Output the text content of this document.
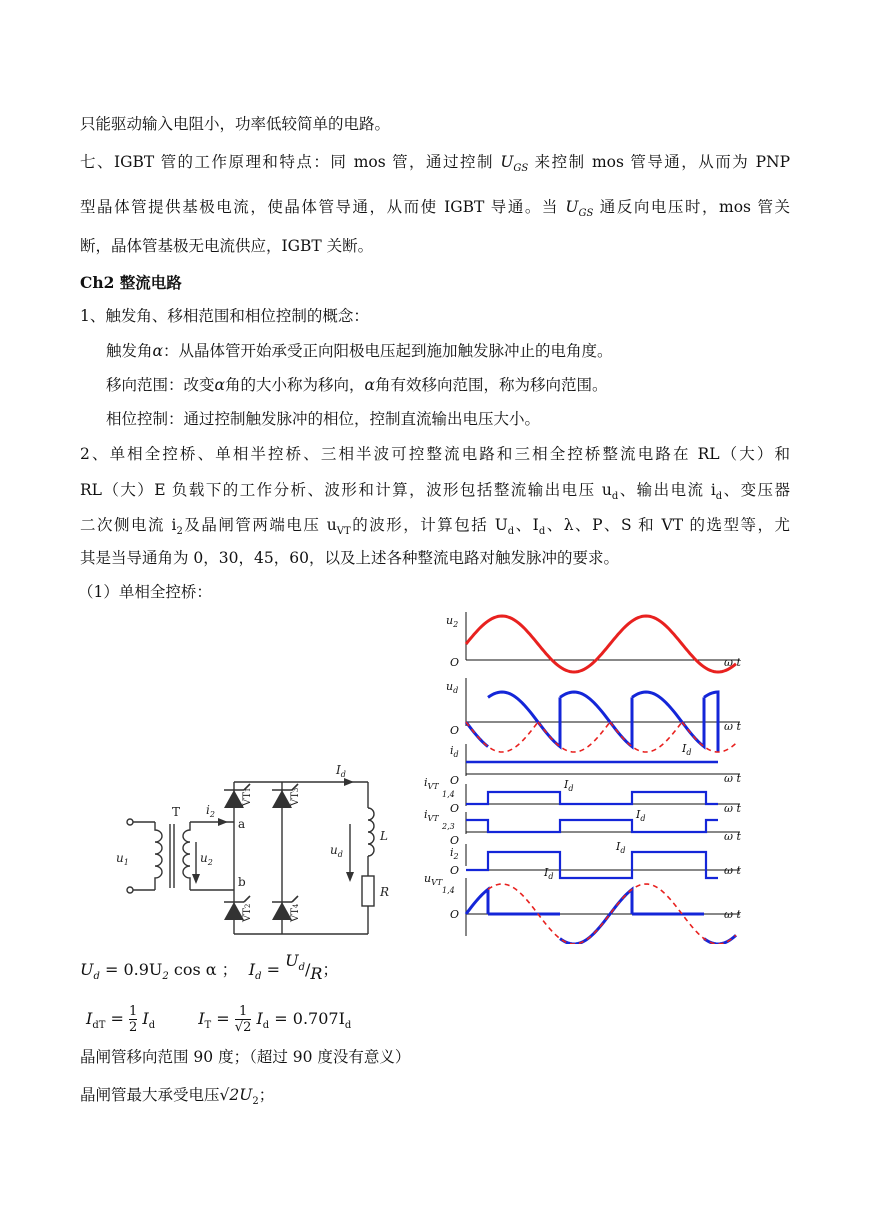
只能驱动输入电阻小，功率低较简单的电路。
七、IGBT 管的工作原理和特点：同 mos 管，通过控制 $U_{GS}$ 来控制 mos 管导通，从而为 PNP
型晶体管提供基极电流，使晶体管导通，从而使 IGBT 导通。当 $U_{GS}$ 通反向电压时，mos 管关
断，晶体管基极无电流供应，IGBT 关断。
Ch2 整流电路
1、触发角、移相范围和相位控制的概念：
触发角α：从晶体管开始承受正向阳极电压起到施加触发脉冲止的电角度。
移向范围：改变α角的大小称为移向，α角有效移向范围，称为移向范围。
相位控制：通过控制触发脉冲的相位，控制直流输出电压大小。
2、单相全控桥、单相半控桥、三相半波可控整流电路和三相全控桥整流电路在 RL（大）和
RL（大）E 负载下的工作分析、波形和计算，波形包括整流输出电压 $u_d$、输出电流 $i_d$、变压器
二次侧电流 $i_2$及晶闸管两端电压 $u_{VT}$的波形，计算包括 $U_d$、$I_d$、λ、P、S 和 VT 的选型等，尤
其是当导通角为 0，30，45，60，以及上述各种整流电路对触发脉冲的要求。
（1）单相全控桥：
$u_1$
T $i_2$
a
b
$u_2$
$u_d$
$I_d$
L
R
VT1
VT3
VT2
VT4
$u_2$
$u_d$
$i_d$
$i_{VT}1,4$
$i_{VT}2,3$
$i_2$
$u_{VT}1,4$
O
O
O
O
O
O
O
ω t
ω t
ω t
ω t
ω t
ω t
ω t
$I_d$
$I_d$
$I_d$
$I_d$
$I_d$
$U_d = 0.9U_2$ cos α ； $I_d = U_d/R$；
$I_{dT} = \frac{1}{2} I_d$	$I_T = \frac{1}{√2} I_d = 0.707I_d$
晶闸管移向范围 90 度；（超过 90 度没有意义）
晶闸管最大承受电压$√2U_2$；
